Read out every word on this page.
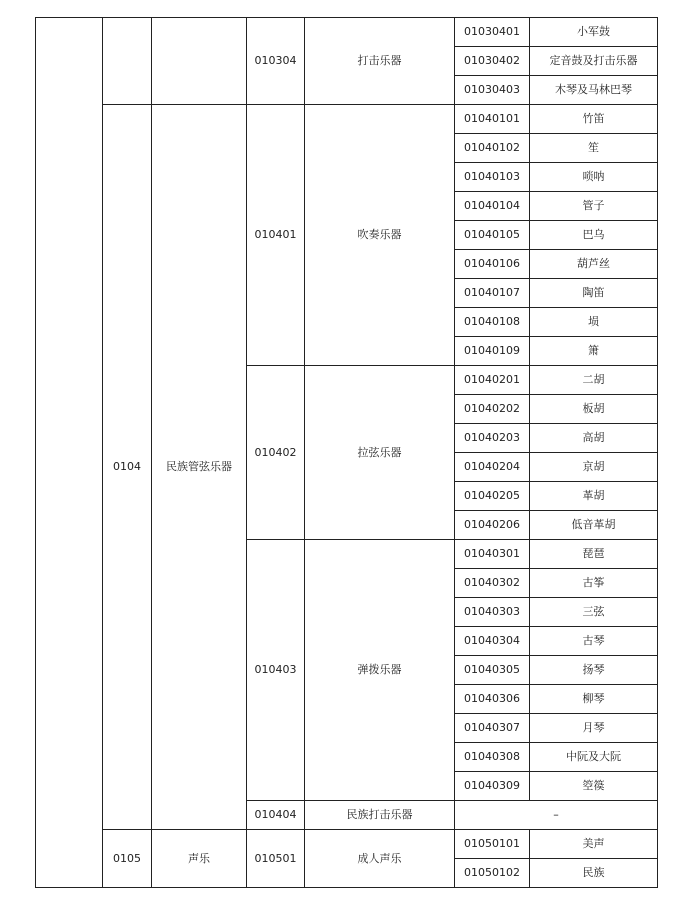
			010304	打击乐器	01030401	小军鼓
					01030402	定音鼓及打击乐器
					01030403	木琴及马林巴琴
	0104	民族管弦乐器	010401	吹奏乐器	01040101	竹笛
					01040102	笙
					01040103	唢呐
					01040104	管子
					01040105	巴乌
					01040106	葫芦丝
					01040107	陶笛
					01040108	埙
					01040109	箫
			010402	拉弦乐器	01040201	二胡
					01040202	板胡
					01040203	高胡
					01040204	京胡
					01040205	革胡
					01040206	低音革胡
			010403	弹拨乐器	01040301	琵琶
					01040302	古筝
					01040303	三弦
					01040304	古琴
					01040305	扬琴
					01040306	柳琴
					01040307	月琴
					01040308	中阮及大阮
					01040309	箜篌
			010404	民族打击乐器	–	
	0105	声乐	010501	成人声乐	01050101	美声
					01050102	民族
